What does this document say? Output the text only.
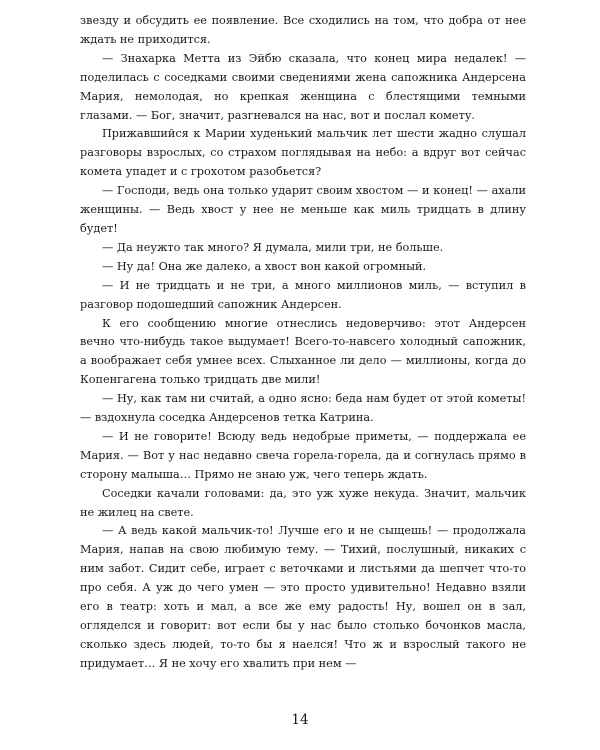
звезду и обсудить ее появление. Все сходились на том, что добра от нее ждать не приходится.

— Знахарка Метта из Эйбю сказала, что конец мира недалек! — поделилась с соседками своими сведениями жена сапожника Андерсена Мария, немолодая, но крепкая женщина с блестящими темными глазами. — Бог, значит, разгневался на нас, вот и послал комету.

Прижавшийся к Марии худенький мальчик лет шести жадно слушал разговоры взрослых, со страхом поглядывая на небо: а вдруг вот сейчас комета упадет и с грохотом разобьется?

— Господи, ведь она только ударит своим хвостом — и конец! — ахали женщины. — Ведь хвост у нее не меньше как миль тридцать в длину будет!

— Да неужто так много? Я думала, мили три, не больше.

— Ну да! Она же далеко, а хвост вон какой огромный.

— И не тридцать и не три, а много миллионов миль, — вступил в разговор подошедший сапожник Андерсен.

К его сообщению многие отнеслись недоверчиво: этот Андерсен вечно что-нибудь такое выдумает! Всего-то-навсего холодный сапожник, а воображает себя умнее всех. Слыханное ли дело — миллионы, когда до Копенгагена только тридцать две мили!

— Ну, как там ни считай, а одно ясно: беда нам будет от этой кометы! — вздохнула соседка Андерсенов тетка Катрина.

— И не говорите! Всюду ведь недобрые приметы, — поддержала ее Мария. — Вот у нас недавно свеча горела-горела, да и согнулась прямо в сторону малыша… Прямо не знаю уж, чего теперь ждать.

Соседки качали головами: да, это уж хуже некуда. Значит, мальчик не жилец на свете.

— А ведь какой мальчик-то! Лучше его и не сыщешь! — продолжала Мария, напав на свою любимую тему. — Тихий, послушный, никаких с ним забот. Сидит себе, играет с веточками и листьями да шепчет что-то про себя. А уж до чего умен — это просто удивительно! Недавно взяли его в театр: хоть и мал, а все же ему радость! Ну, вошел он в зал, огляделся и говорит: вот если бы у нас было столько бочонков масла, сколько здесь людей, то-то бы я наелся! Что ж и взрослый такого не придумает… Я не хочу его хвалить при нем —

14
